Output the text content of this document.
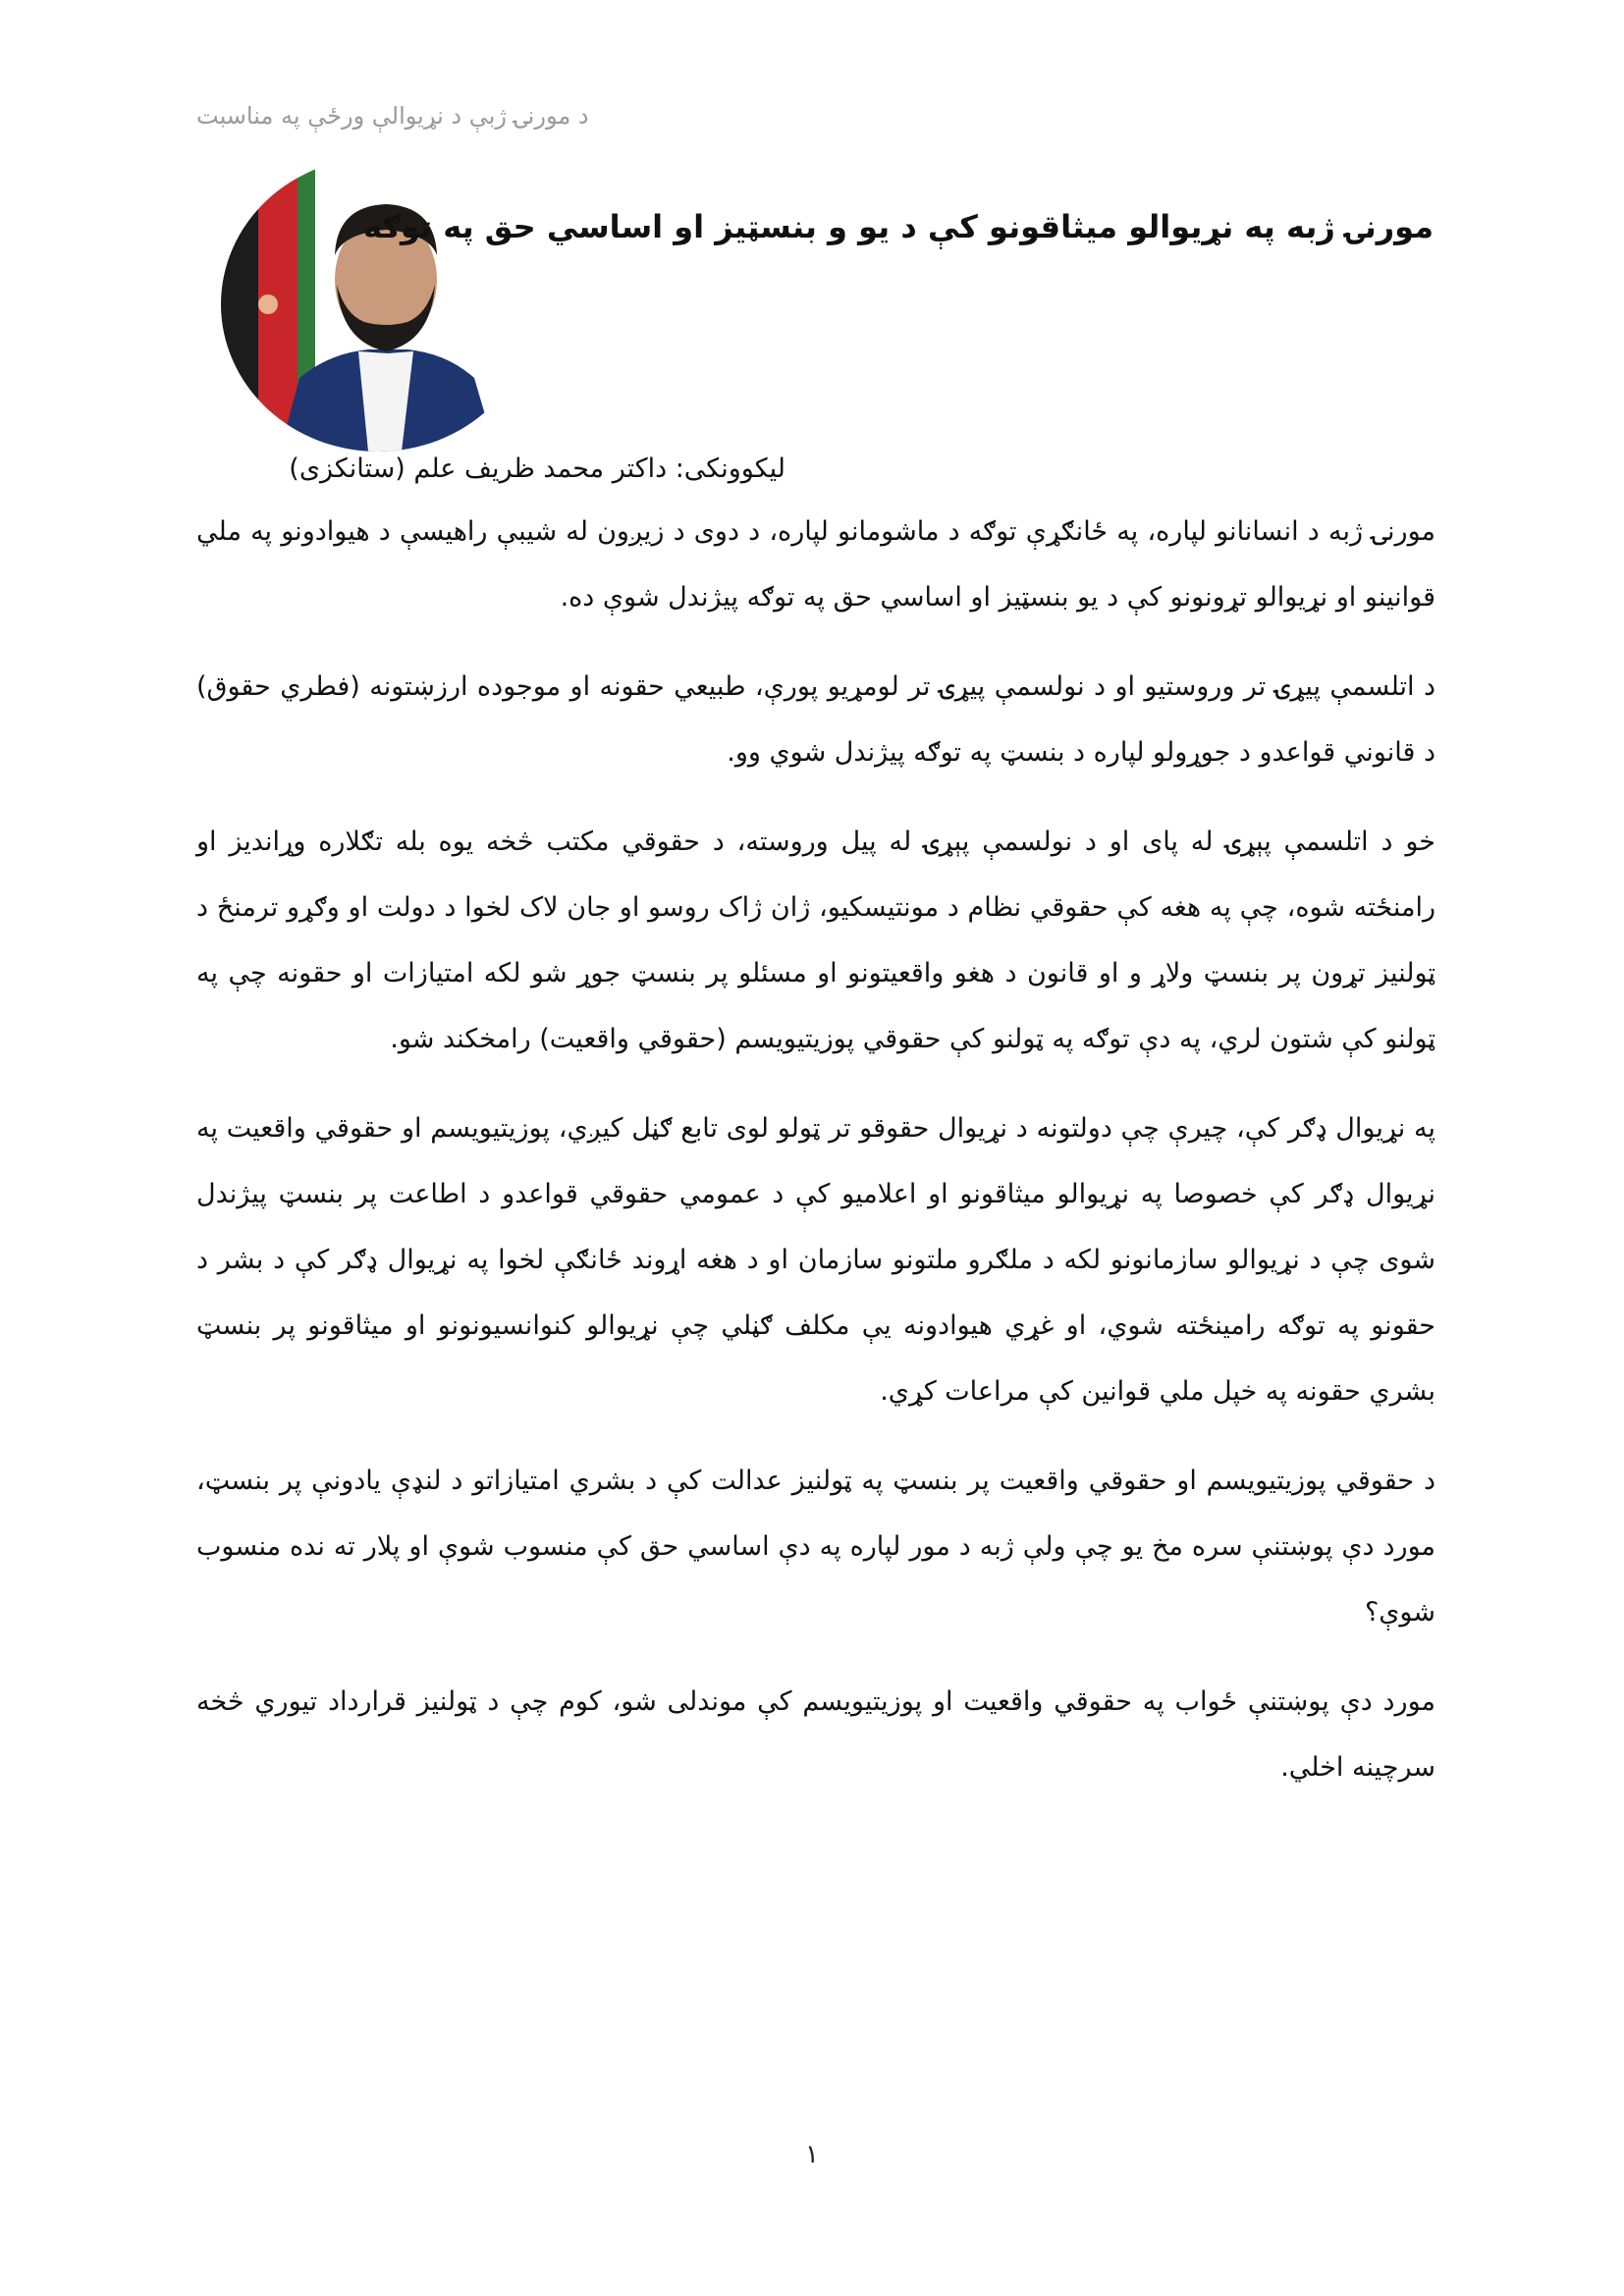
د مورنۍ ژبې د نړیوالې ورځې په مناسبت
مورنۍ ژبه په نړیوالو میثاقونو کې د یو و بنسټیز او اساسي حق په توګه
لیکوونکی: داکتر محمد ظریف علم (ستانکزی)

مورنۍ ژبه د انسانانو لپاره، په ځانګړې توګه د ماشومانو لپاره، د دوی د زیږون له شیبې راهیسې د هیوادونو په ملي قوانینو او نړیوالو تړونونو کې د یو بنسټیز او اساسي حق په توګه پیژندل شوې ده.

د اتلسمې پیړۍ تر وروستیو او د نولسمې پیړۍ تر لومړیو پورې، طبیعي حقونه او موجوده ارزښتونه (فطري حقوق) د قانوني قواعدو د جوړولو لپاره د بنسټ په توګه پیژندل شوي وو.

خو د اتلسمې پېړۍ له پای او د نولسمې پېړۍ له پیل وروسته، د حقوقي مکتب څخه یوه بله تګلاره وړاندیز او رامنځته شوه، چې په هغه کې حقوقي نظام د مونتیسکیو، ژان ژاک روسو او جان لاک لخوا د دولت او وګړو ترمنځ د ټولنیز تړون پر بنسټ ولاړ و او قانون د هغو واقعیتونو او مسئلو پر بنسټ جوړ شو لکه امتیازات او حقونه چې په ټولنو کې شتون لري، په دې توګه په ټولنو کې حقوقي پوزیتیویسم (حقوقي واقعیت) رامخکند شو.

په نړیوال ډګر کې، چیرې چې دولتونه د نړیوال حقوقو تر ټولو لوی تابع ګڼل کیږي، پوزیتیویسم او حقوقي واقعیت په نړیوال ډګر کې خصوصا په نړیوالو میثاقونو او اعلامیو کې د عمومي حقوقي قواعدو د اطاعت پر بنسټ پیژندل شوی چې د نړیوالو سازمانونو لکه د ملګرو ملتونو سازمان او د هغه اړوند ځانګې لخوا په نړیوال ډګر کې د بشر د حقونو په توګه رامینځته شوي، او غړي هیوادونه یې مکلف ګڼلي چې نړیوالو کنوانسیونونو او میثاقونو پر بنسټ بشري حقونه په خپل ملي قوانین کې مراعات کړي.

د حقوقي پوزیتیویسم او حقوقي واقعیت پر بنسټ په ټولنیز عدالت کې د بشري امتیازاتو د لنډې یادونې پر بنسټ، مورد دې پوښتنې سره مخ یو چې ولې ژبه د مور لپاره په دې اساسي حق کې منسوب شوې او پلار ته نده منسوب شوې؟

مورد دې پوښتنې ځواب په حقوقي واقعیت او پوزیتیویسم کې موندلی شو، کوم چې د ټولنیز قرارداد تیوري څخه سرچینه اخلي.

۱
